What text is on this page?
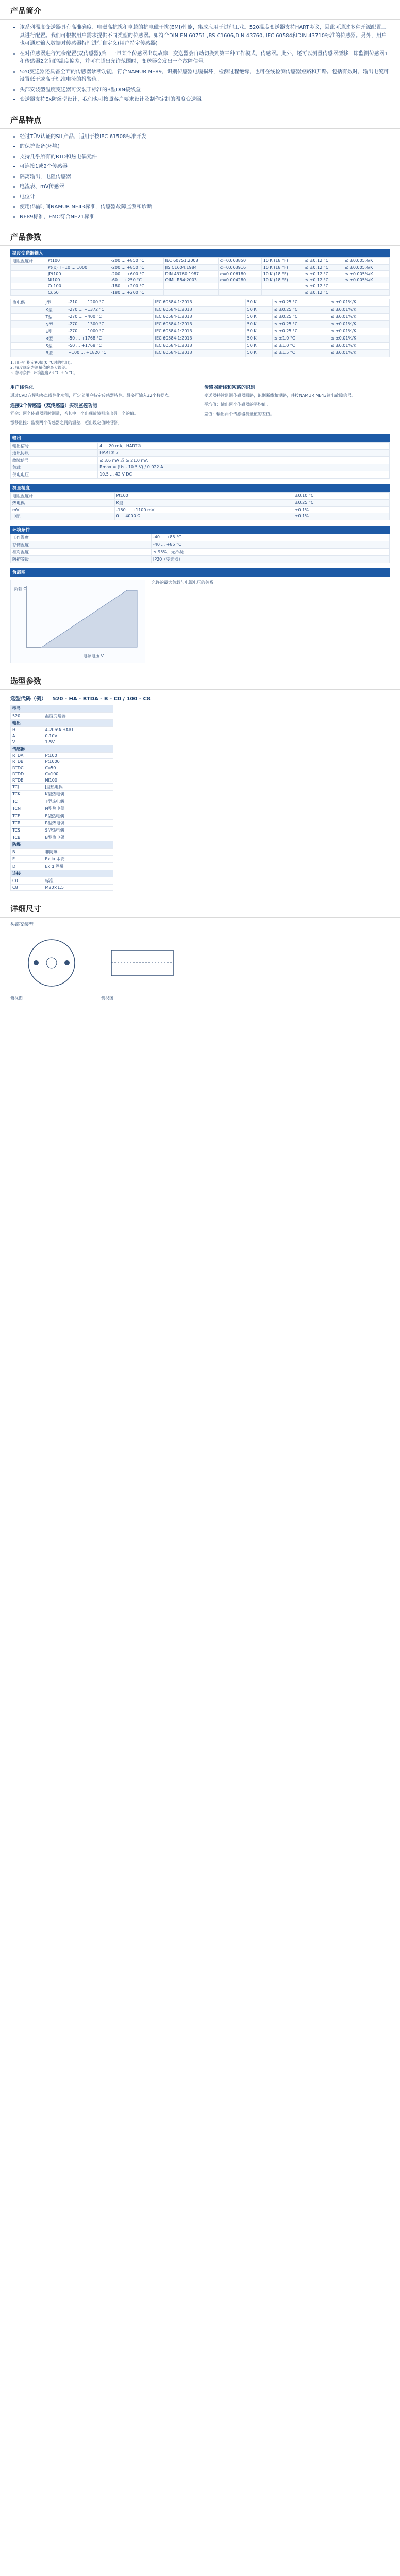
产品简介
• 该系列温度变送器具有高准确度、电磁高抗扰和卓越的抗电磁干扰(EMI)性能，集成应用于过程工业。520温度变送器支持HART协议，因此可通过多种开源配置工具进行配置。我们可根据用户需求提供不同类型的传感器。如符合DIN EN 60751 ,BS C1606,DIN 43760, IEC 60584和DIN 43710标准的传感器。另外，用户也可通过输入数据对传感器特性进行自定义(用户特定传感器)。
• 在对传感器进行冗余配置(双传感器)后，一旦某个传感器出现故障，变送器会自动切换到第三种工作模式，传感器。此外，还可以测量传感器漂移，即监测传感器1和传感器2之间的温度偏差，并可在超出允许范围时，变送器会发出一个故障信号。
• 520变送器还具备全面的传感器诊断功能，符合NAMUR NE89，识别传感器电缆损坏，检测过程绝缘，也可在线检测传感器短路和开路。包括有效时，输出电流可设置低于或高于标准电流的报警值。
• 头部安装型温度变送器可安装于标准的B型DIN接线盒
• 变送器支持Ex防爆型设计，我们也可按照客户要求设计及制作定制的温度变送器。
产品特点
• 经过TÜV认证的SIL产品，适用于按IEC 61508标准开发
• 的保护设备(环境)
• 支持几乎所有的RTD和热电偶元件
• 可连接1或2个传感器
• 隔离输出，电阻传感器
• 电流表、mV传感器
• 电位计
• 使用传输时间NAMUR NE43标准，传感器故障监测和诊断
• NE89标准，EMC符合NE21标准
产品参数
温度变送器输入
电阻温度计	Pt100	-200 ... +850 °C	IEC 60751:2008	α=0.003850	10 K (18 °F)	≤ ±0.12 °C	≤ ±0.005%/K
	Pt(x) T=10 ... 1000	-200 ... +850 °C	JIS C1604:1984	α=0.003916	10 K (18 °F)	≤ ±0.12 °C	≤ ±0.005%/K
	JPt100	-200 ... +600 °C	DIN 43760:1987	α=0.006180	10 K (18 °F)	≤ ±0.12 °C	≤ ±0.005%/K
	Ni100	-60 ... +250 °C	OIML R84:2003	α=0.004280	10 K (18 °F)	≤ ±0.12 °C	≤ ±0.005%/K
	Cu100	-180 ... +200 °C				≤ ±0.12 °C	
	Cu50	-180 ... +200 °C				≤ ±0.12 °C	
热电偶	J型	-210 ... +1200 °C	IEC 60584-1:2013		50 K	≤ ±0.25 °C	≤ ±0.01%/K
	K型	-270 ... +1372 °C	IEC 60584-1:2013		50 K	≤ ±0.25 °C	≤ ±0.01%/K
	T型	-270 ... +400 °C	IEC 60584-1:2013		50 K	≤ ±0.25 °C	≤ ±0.01%/K
	N型	-270 ... +1300 °C	IEC 60584-1:2013		50 K	≤ ±0.25 °C	≤ ±0.01%/K
	E型	-270 ... +1000 °C	IEC 60584-1:2013		50 K	≤ ±0.25 °C	≤ ±0.01%/K
	R型	-50 ... +1768 °C	IEC 60584-1:2013		50 K	≤ ±1.0 °C	≤ ±0.01%/K
	S型	-50 ... +1768 °C	IEC 60584-1:2013		50 K	≤ ±1.0 °C	≤ ±0.01%/K
	B型	+100 ... +1820 °C	IEC 60584-1:2013		50 K	≤ ±1.5 °C	≤ ±0.01%/K
1. 用户可指定R0值(0 °C时的电阻)。
2. 精度规定为测量值的最大误差。
3. 参考条件: 环境温度23 °C ± 5 °C。
用户线性化

通过CVD方程和多点线性化功能，可定义用户特定传感器特性。最多可输入32个数据点。

连接2个传感器（双传感器）实现监控功能

冗余：两个传感器同时测量，若其中一个出现故障则输出另一个的值。

漂移监控：监测两个传感器之间的温差，超出设定值时报警。

传感器断线和短路的识别

变送器持续监测传感器回路，识别断线和短路，并按NAMUR NE43输出故障信号。

平均值：输出两个传感器的平均值。

差值：输出两个传感器测量值的差值。

输出
输出信号	4 ... 20 mA，HART®
通讯协议	HART® 7
故障信号	≤ 3.6 mA 或 ≥ 21.0 mA
负载	Rmax = (Us - 10.5 V) / 0.022 A
供电电压	10.5 ... 42 V DC
测量精度
电阻温度计	Pt100	±0.10 °C
热电偶	K型	±0.25 °C
mV	-150 ... +1100 mV	±0.1%
电阻	0 ... 4000 Ω	±0.1%
环境条件
工作温度	-40 ... +85 °C
存储温度	-40 ... +85 °C
相对湿度	≤ 95%，无冷凝
防护等级	IP20（变送器）
负载图
电源电压 V
负载 Ω
允许的最大负载与电源电压的关系
选型参数
选型代码（例） 520 - HA - RTDA - B - C0 / 100 - C8
型号	
520	温度变送器
输出	
H	4-20mA HART
A	0-10V
V	1-5V
传感器	
RTDA	Pt100
RTDB	Pt1000
RTDC	Cu50
RTDD	Cu100
RTDE	Ni100
TCJ	J型热电偶
TCK	K型热电偶
TCT	T型热电偶
TCN	N型热电偶
TCE	E型热电偶
TCR	R型热电偶
TCS	S型热电偶
TCB	B型热电偶
防爆	
B	非防爆
E	Ex ia 本安
D	Ex d 隔爆
连接	
C0	标准
C8	M20×1.5
详细尺寸
头部安装型
俯视图	侧视图
